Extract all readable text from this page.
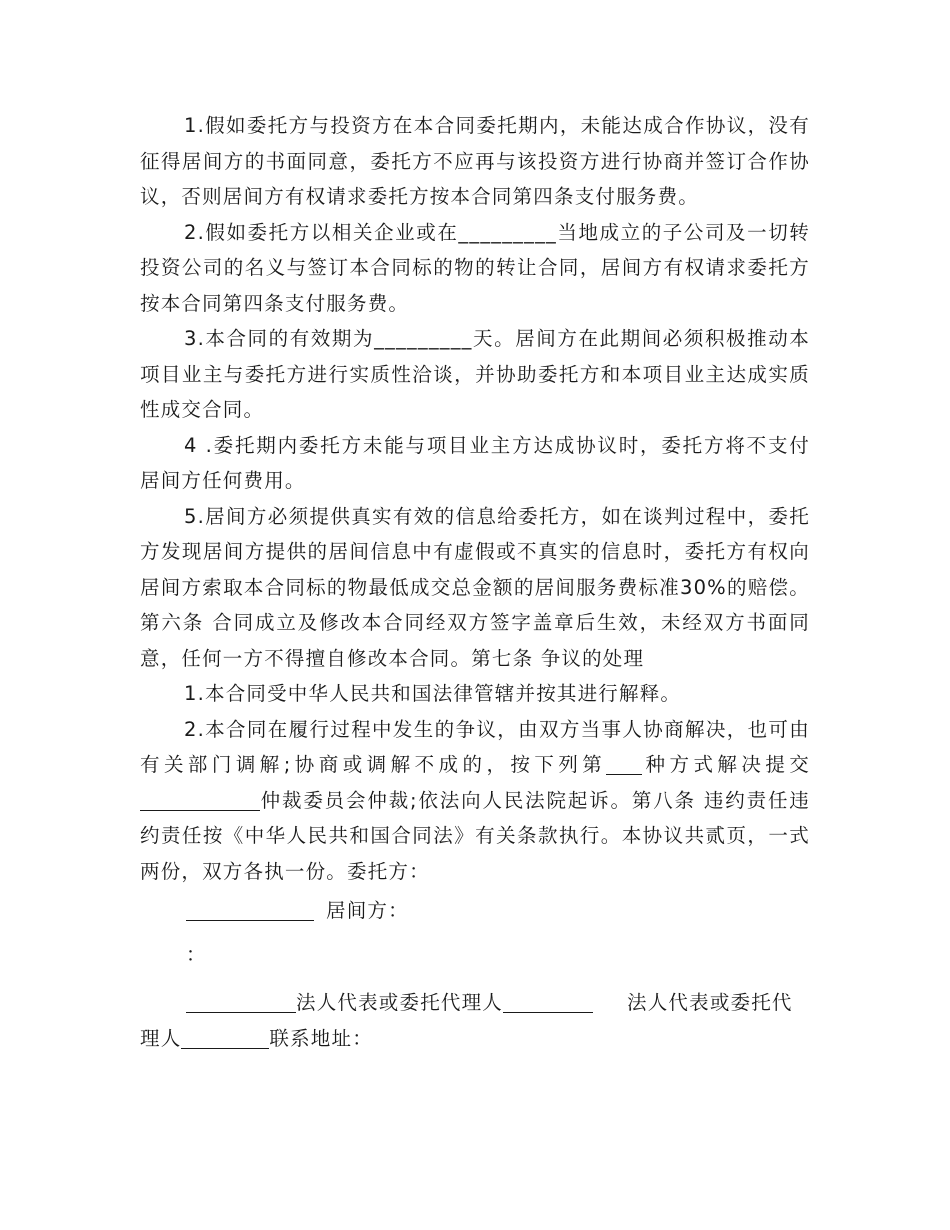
1.假如委托方与投资方在本合同委托期内，未能达成合作协议，没有征得居间方的书面同意，委托方不应再与该投资方进行协商并签订合作协议，否则居间方有权请求委托方按本合同第四条支付服务费。

2.假如委托方以相关企业或在_________当地成立的子公司及一切转投资公司的名义与签订本合同标的物的转让合同，居间方有权请求委托方按本合同第四条支付服务费。

3.本合同的有效期为_________天。居间方在此期间必须积极推动本项目业主与委托方进行实质性洽谈，并协助委托方和本项目业主达成实质性成交合同。

4 .委托期内委托方未能与项目业主方达成协议时，委托方将不支付居间方任何费用。

5.居间方必须提供真实有效的信息给委托方，如在谈判过程中，委托方发现居间方提供的居间信息中有虚假或不真实的信息时，委托方有权向居间方索取本合同标的物最低成交总金额的居间服务费标准30%的赔偿。第六条 合同成立及修改本合同经双方签字盖章后生效，未经双方书面同意，任何一方不得擅自修改本合同。第七条 争议的处理

1.本合同受中华人民共和国法律管辖并按其进行解释。

2.本合同在履行过程中发生的争议，由双方当事人协商解决，也可由有关部门调解;协商或调解不成的，按下列第 种方式解决提交仲裁委员会仲裁;依法向人民法院起诉。第八条 违约责任违约责任按《中华人民共和国合同法》有关条款执行。本协议共贰页，一式两份，双方各执一份。委托方：

居间方：

：

法人代表或委托代理人	法人代表或委托代理人	联系地址：
